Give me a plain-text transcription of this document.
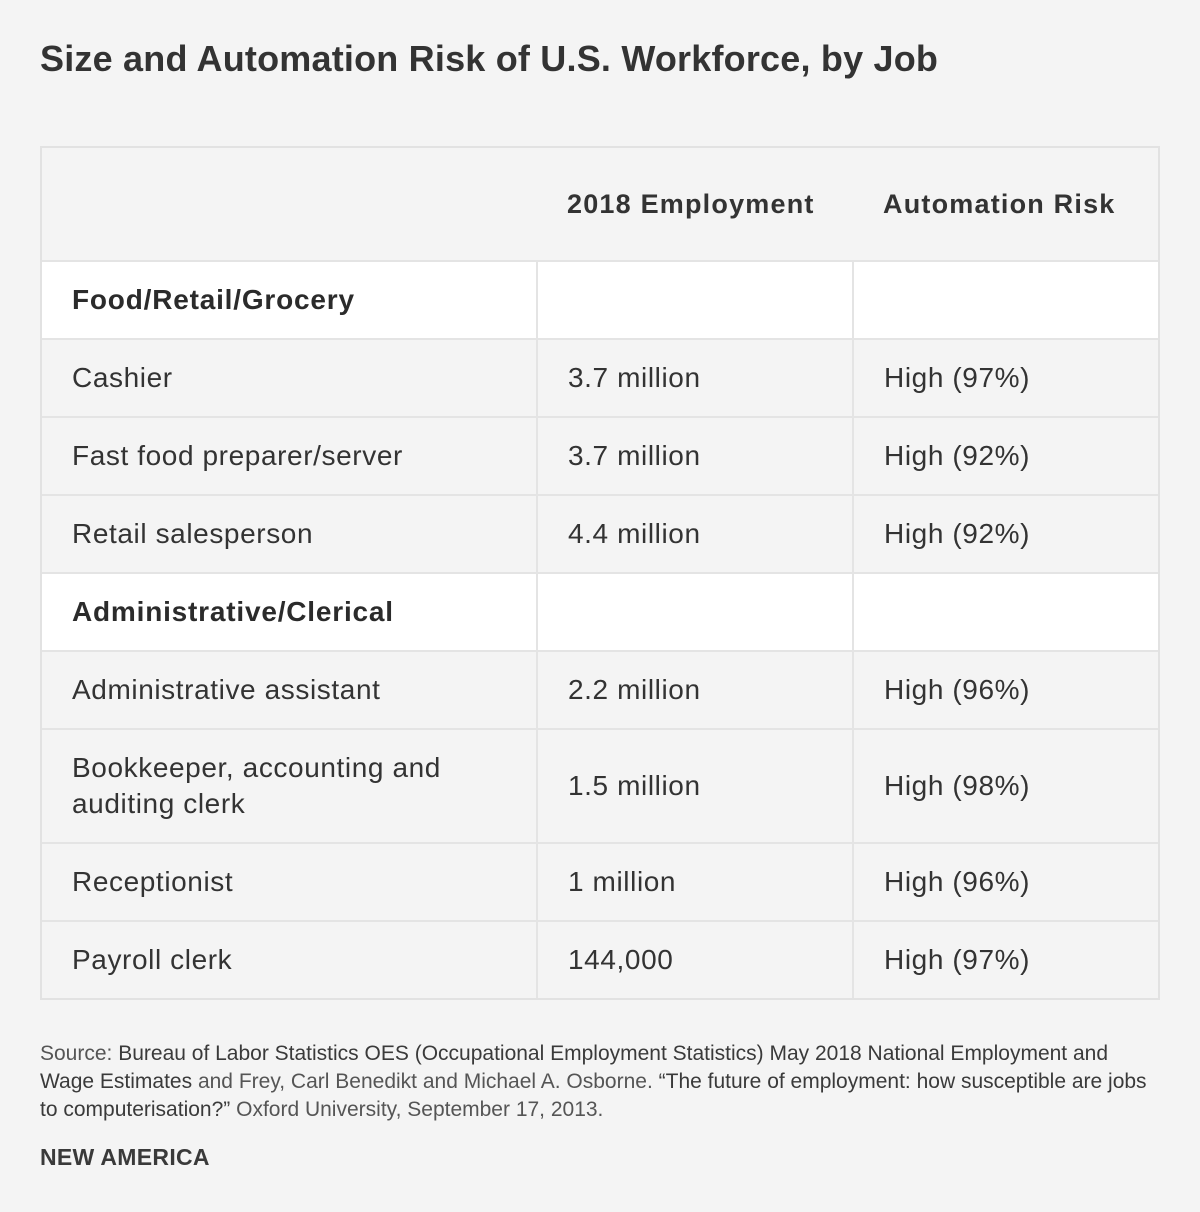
Size and Automation Risk of U.S. Workforce, by Job
	2018 Employment	Automation Risk
Food/Retail/Grocery		
Cashier	3.7 million	High (97%)
Fast food preparer/server	3.7 million	High (92%)
Retail salesperson	4.4 million	High (92%)
Administrative/Clerical		
Administrative assistant	2.2 million	High (96%)
Bookkeeper, accounting and auditing clerk	1.5 million	High (98%)
Receptionist	1 million	High (96%)
Payroll clerk	144,000	High (97%)

Source: Bureau of Labor Statistics OES (Occupational Employment Statistics) May 2018 National Employment and Wage Estimates and Frey, Carl Benedikt and Michael A. Osborne. “The future of employment: how susceptible are jobs to computerisation?” Oxford University, September 17, 2013.

NEW AMERICA
